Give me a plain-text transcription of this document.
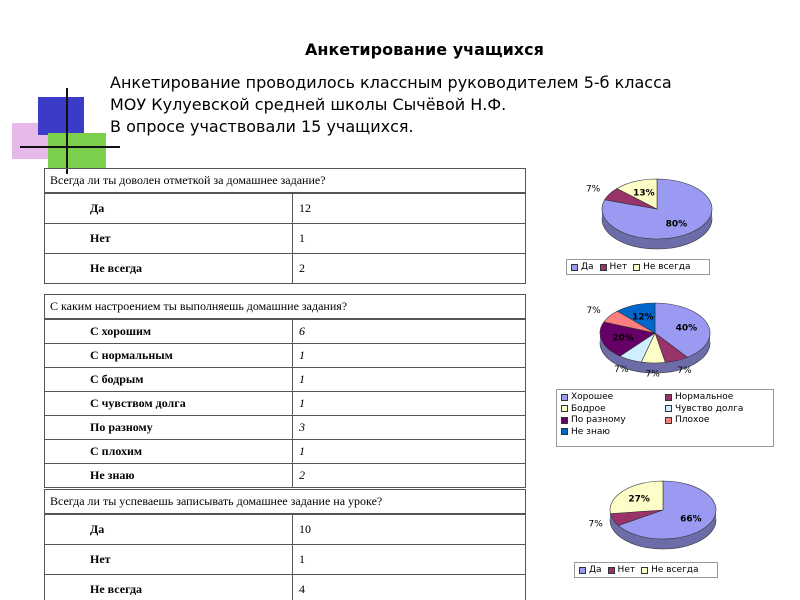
Анкетирование учащихся
Анкетирование проводилось классным руководителем 5-б класса
МОУ Кулуевской средней школы Сычёвой Н.Ф.
В опросе участвовали 15 учащихся.
Всегда ли ты доволен отметкой за домашнее задание?
Да	12
Нет	1
Не всегда	2
С каким настроением ты выполняешь домашние задания?
С хорошим	6
С нормальным	1
С бодрым	1
С чувством долга	1
По разному	3
С плохим	1
Не знаю	2
Всегда ли ты успеваешь записывать домашнее задание на уроке?
Да	10
Нет	1
Не всегда	4
80%
7%	13%
40%
7%
7%
7%
20%
7%
12%
66%
7%
27%
Да Нет Не всегда
Хорошее	Нормальное
Бодрое	Чувство долга
По разному	Плохое
Не знаю
Да Нет Не всегда
